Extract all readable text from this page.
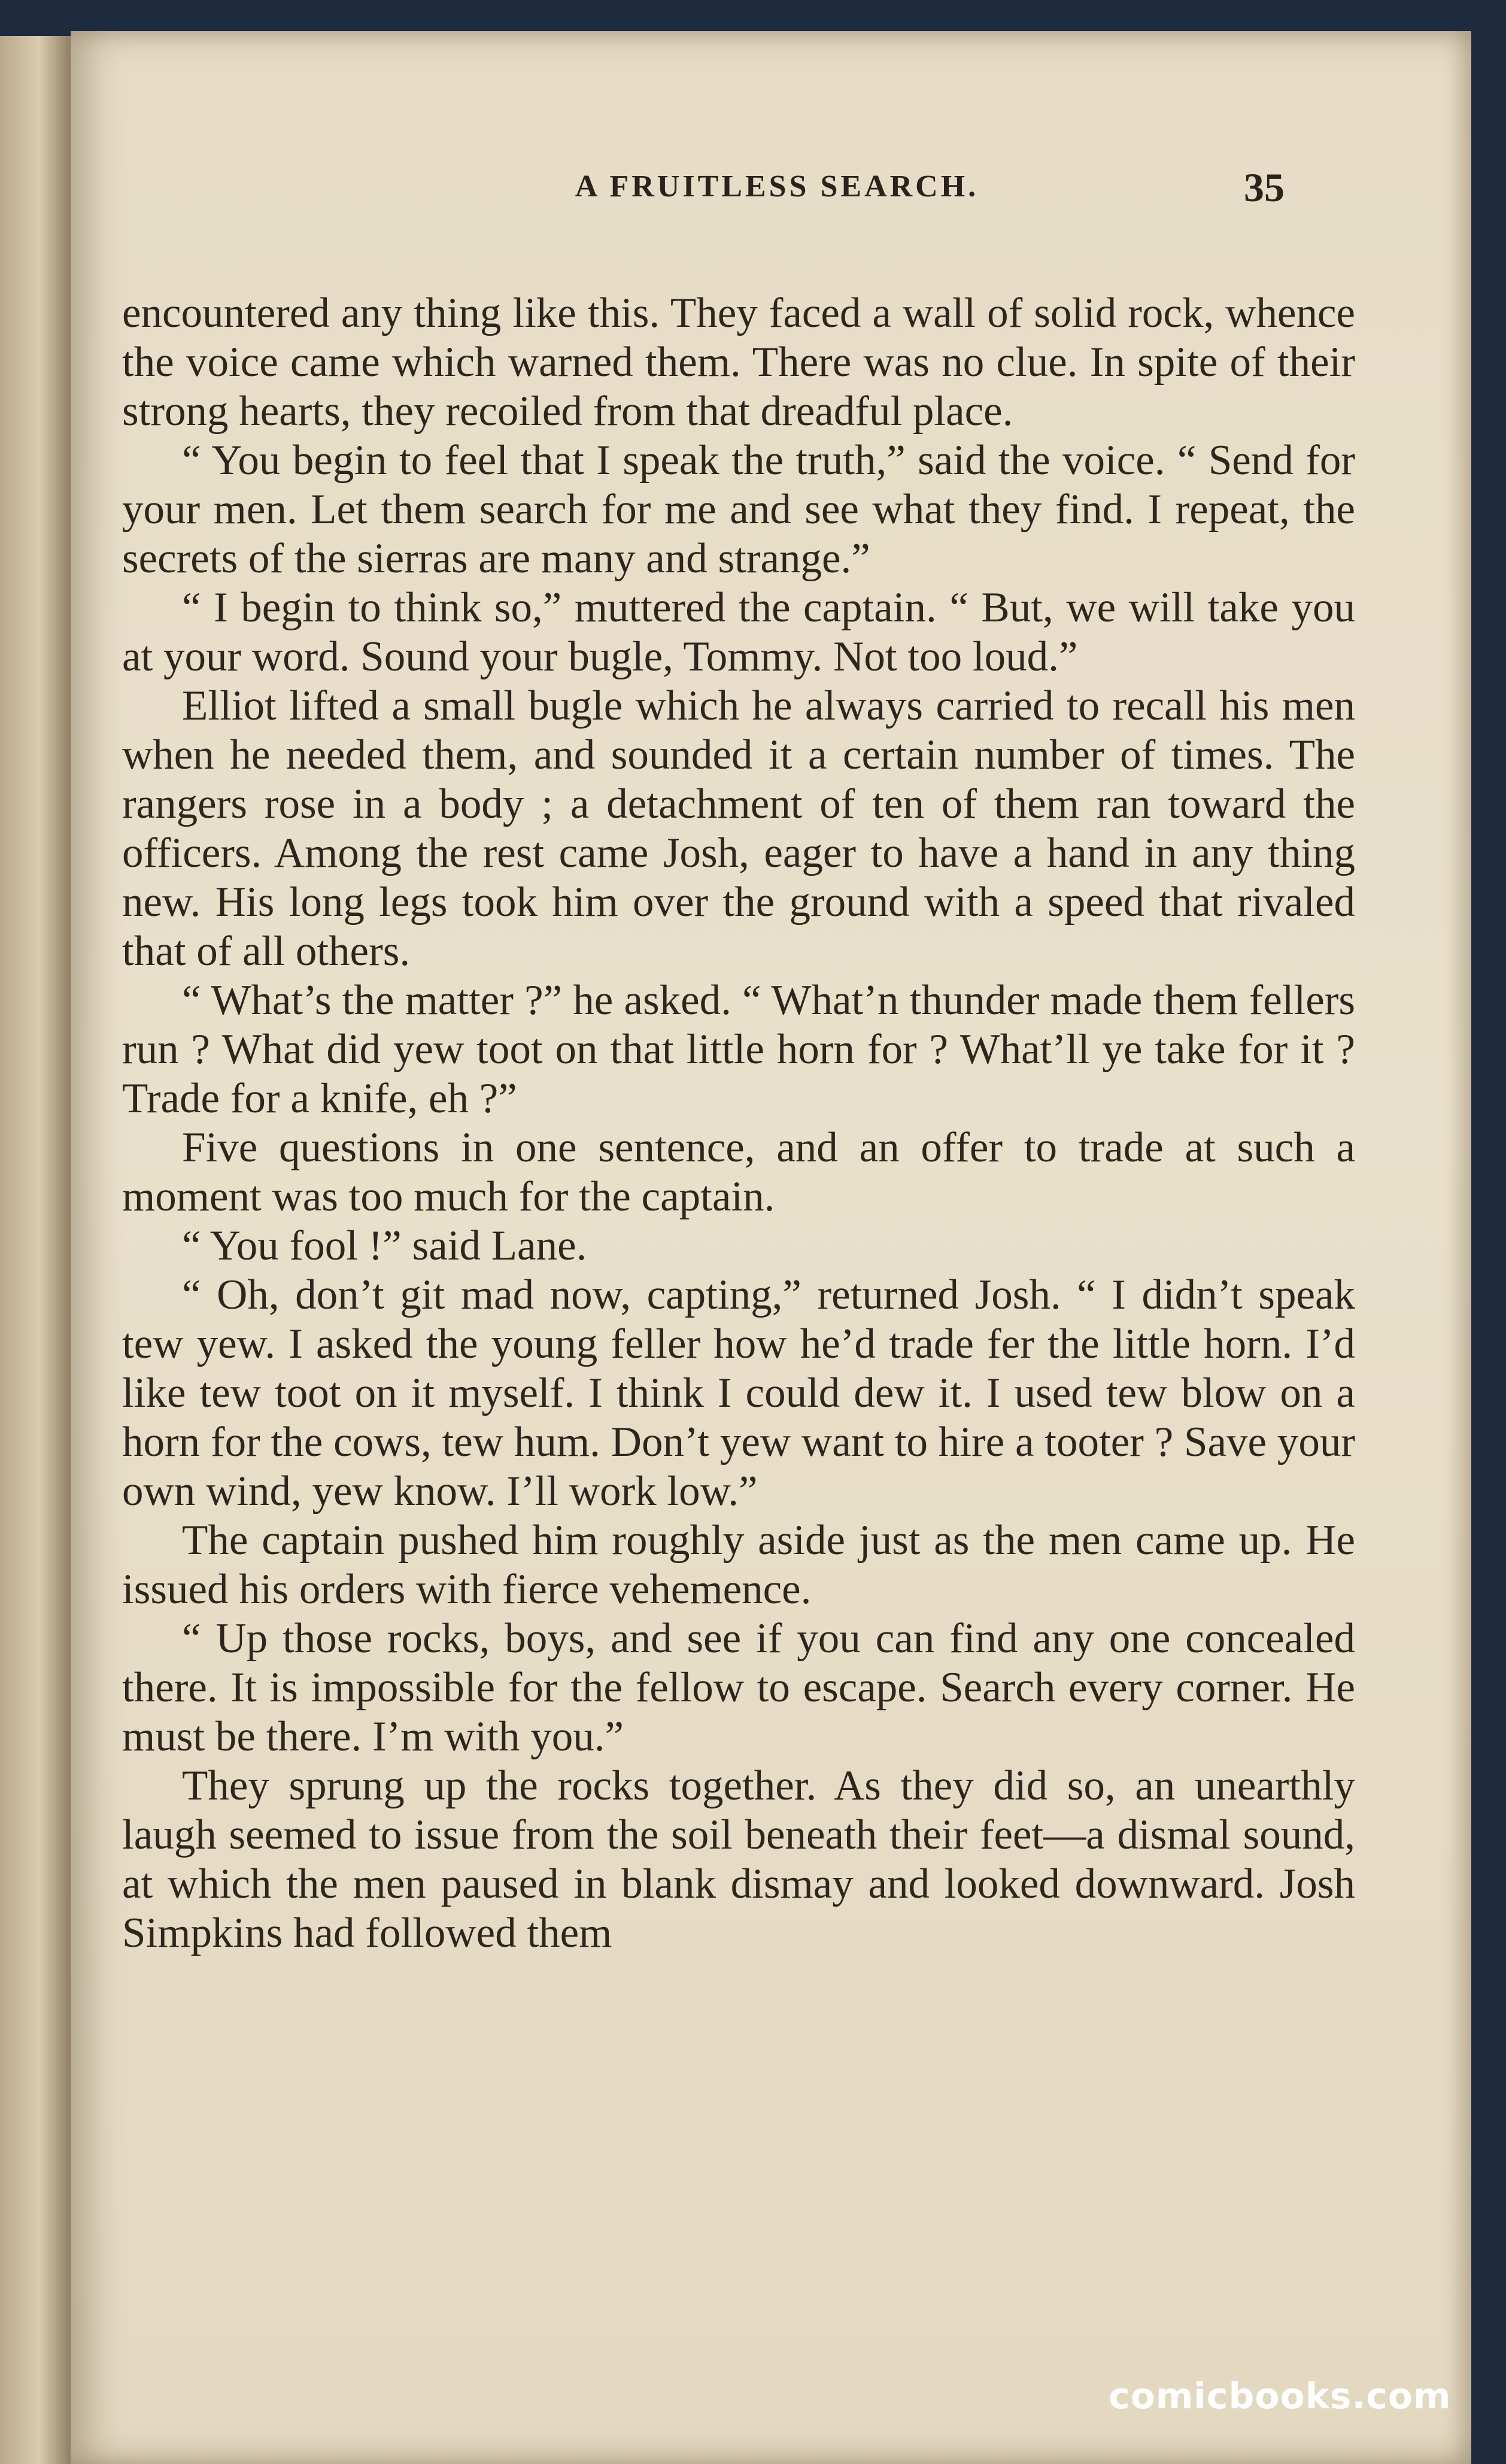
A FRUITLESS SEARCH.	35

encountered any thing like this. They faced a wall of solid rock, whence the voice came which warned them. There was no clue. In spite of their strong hearts, they recoiled from that dreadful place.

“ You begin to feel that I speak the truth,” said the voice. “ Send for your men. Let them search for me and see what they find. I repeat, the secrets of the sierras are many and strange.”

“ I begin to think so,” muttered the captain. “ But, we will take you at your word. Sound your bugle, Tommy. Not too loud.”

Elliot lifted a small bugle which he always carried to recall his men when he needed them, and sounded it a certain number of times. The rangers rose in a body ; a detachment of ten of them ran toward the officers. Among the rest came Josh, eager to have a hand in any thing new. His long legs took him over the ground with a speed that rivaled that of all others.

“ What’s the matter ?” he asked. “ What’n thunder made them fellers run ? What did yew toot on that little horn for ? What’ll ye take for it ? Trade for a knife, eh ?”

Five questions in one sentence, and an offer to trade at such a moment was too much for the captain.

“ You fool !” said Lane.

“ Oh, don’t git mad now, capting,” returned Josh. “ I didn’t speak tew yew. I asked the young feller how he’d trade fer the little horn. I’d like tew toot on it myself. I think I could dew it. I used tew blow on a horn for the cows, tew hum. Don’t yew want to hire a tooter ? Save your own wind, yew know. I’ll work low.”

The captain pushed him roughly aside just as the men came up. He issued his orders with fierce vehemence.

“ Up those rocks, boys, and see if you can find any one concealed there. It is impossible for the fellow to escape. Search every corner. He must be there. I’m with you.”

They sprung up the rocks together. As they did so, an unearthly laugh seemed to issue from the soil beneath their feet—a dismal sound, at which the men paused in blank dismay and looked downward. Josh Simpkins had followed them

comicbooks.com
